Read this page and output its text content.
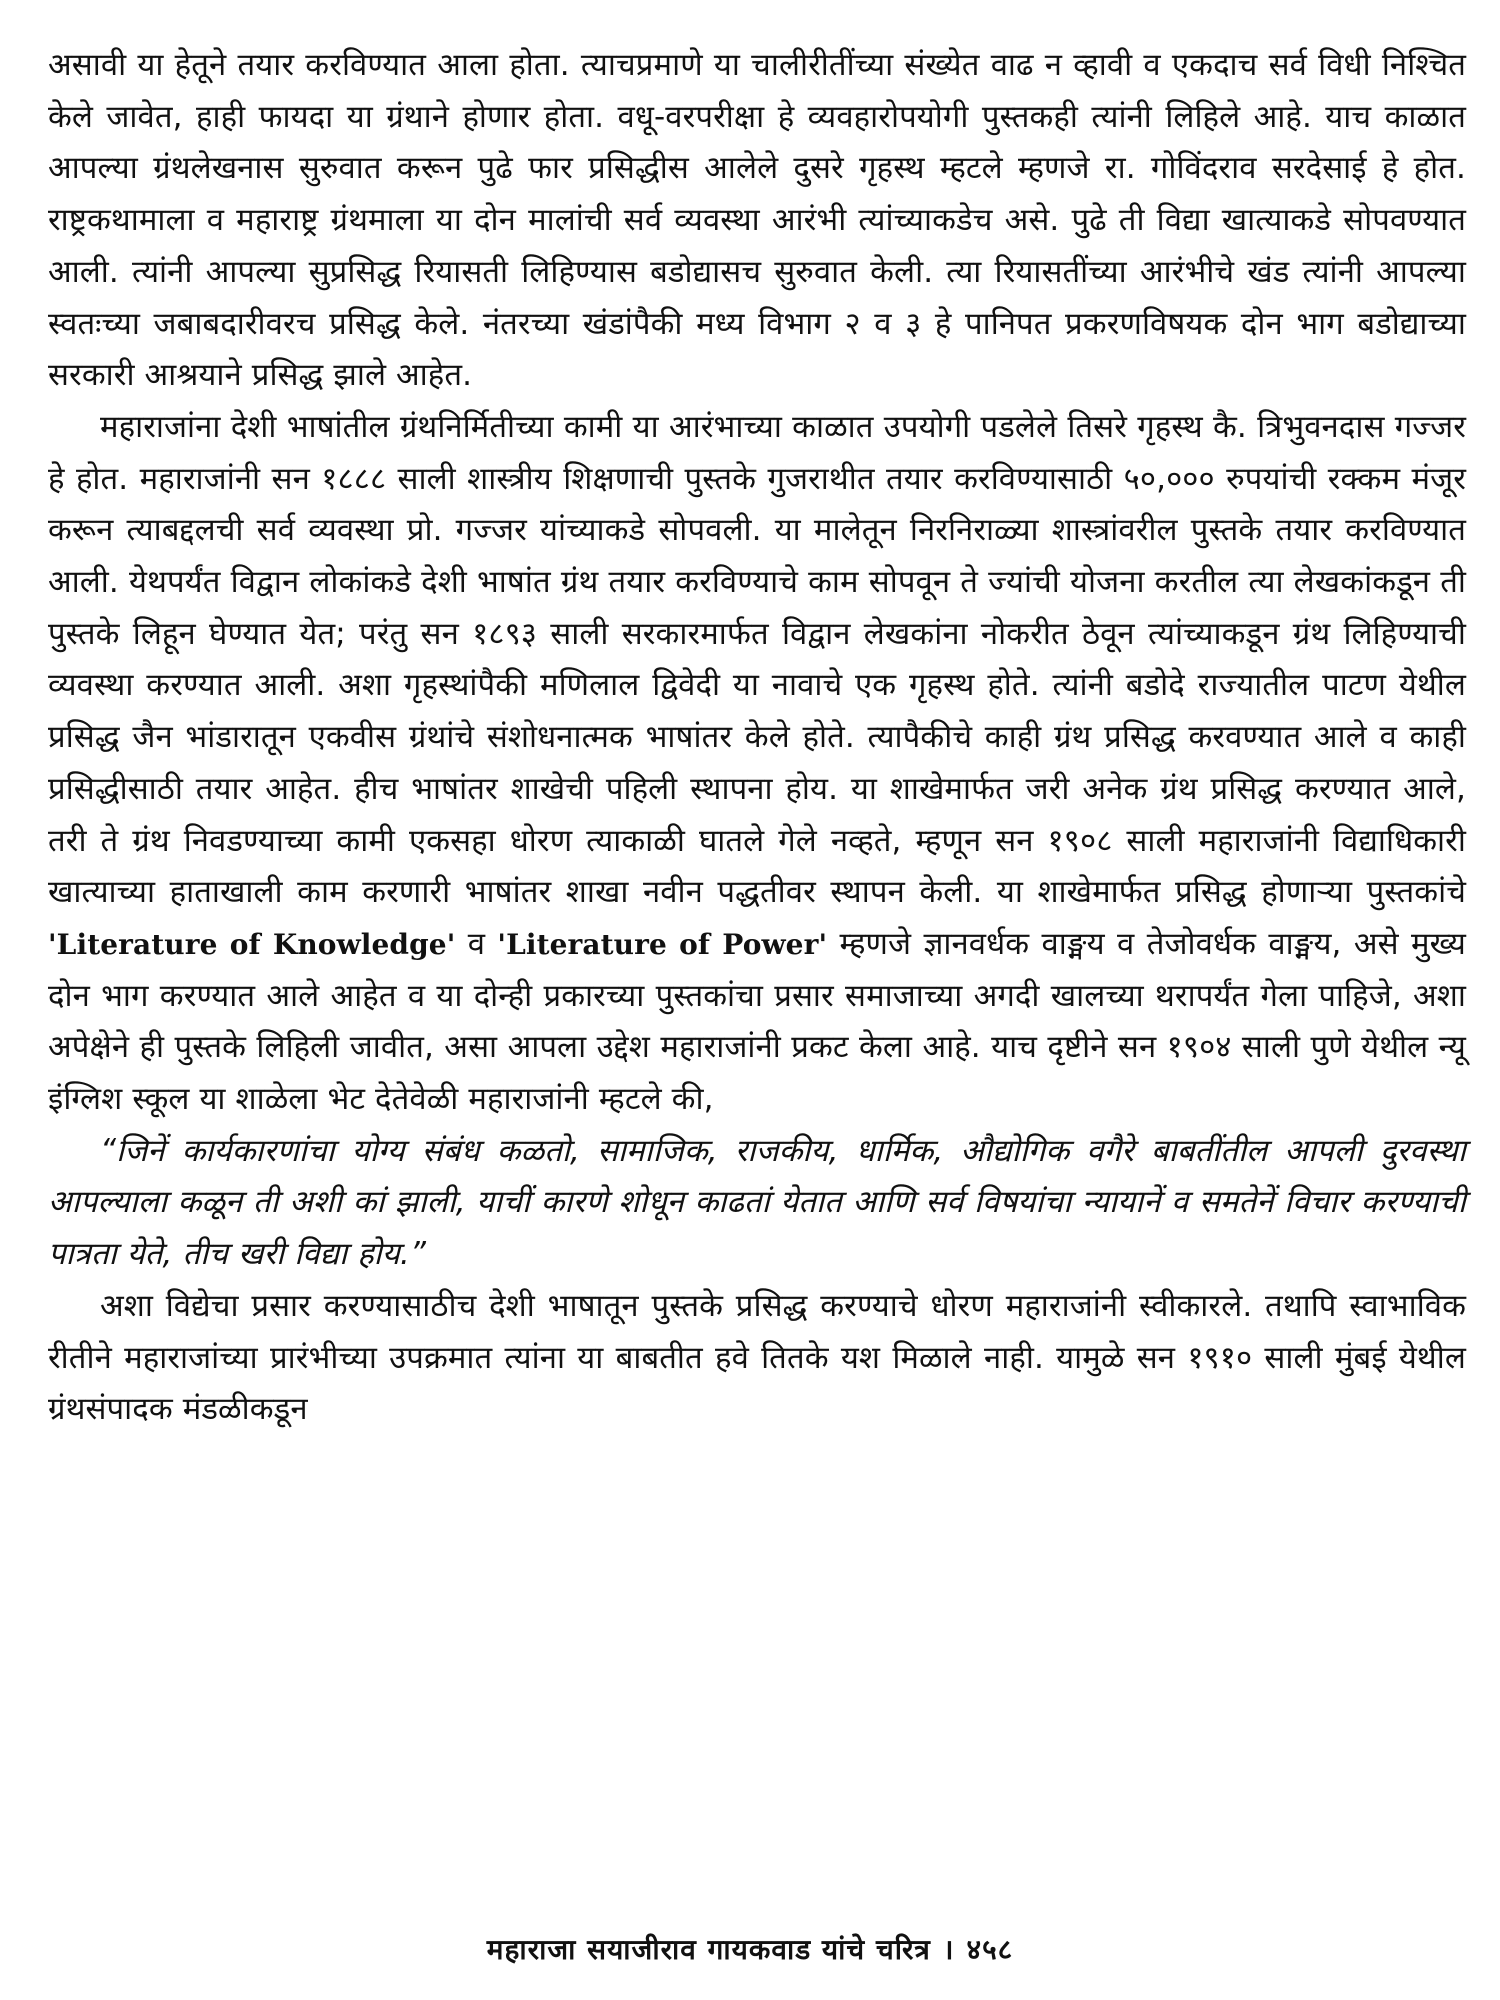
असावी या हेतूने तयार करविण्यात आला होता. त्याचप्रमाणे या चालीरीतींच्या संख्येत वाढ न व्हावी व एकदाच सर्व विधी निश्चित केले जावेत, हाही फायदा या ग्रंथाने होणार होता. वधू-वरपरीक्षा हे व्यवहारोपयोगी पुस्तकही त्यांनी लिहिले आहे. याच काळात आपल्या ग्रंथलेखनास सुरुवात करून पुढे फार प्रसिद्धीस आलेले दुसरे गृहस्थ म्हटले म्हणजे रा. गोविंदराव सरदेसाई हे होत. राष्ट्रकथामाला व महाराष्ट्र ग्रंथमाला या दोन मालांची सर्व व्यवस्था आरंभी त्यांच्याकडेच असे. पुढे ती विद्या खात्याकडे सोपवण्यात आली. त्यांनी आपल्या सुप्रसिद्ध रियासती लिहिण्यास बडोद्यासच सुरुवात केली. त्या रियासतींच्या आरंभीचे खंड त्यांनी आपल्या स्वतःच्या जबाबदारीवरच प्रसिद्ध केले. नंतरच्या खंडांपैकी मध्य विभाग २ व ३ हे पानिपत प्रकरणविषयक दोन भाग बडोद्याच्या सरकारी आश्रयाने प्रसिद्ध झाले आहेत.

महाराजांना देशी भाषांतील ग्रंथनिर्मितीच्या कामी या आरंभाच्या काळात उपयोगी पडलेले तिसरे गृहस्थ कै. त्रिभुवनदास गज्जर हे होत. महाराजांनी सन १८८८ साली शास्त्रीय शिक्षणाची पुस्तके गुजराथीत तयार करविण्यासाठी ५०,००० रुपयांची रक्कम मंजूर करून त्याबद्दलची सर्व व्यवस्था प्रो. गज्जर यांच्याकडे सोपवली. या मालेतून निरनिराळ्या शास्त्रांवरील पुस्तके तयार करविण्यात आली. येथपर्यंत विद्वान लोकांकडे देशी भाषांत ग्रंथ तयार करविण्याचे काम सोपवून ते ज्यांची योजना करतील त्या लेखकांकडून ती पुस्तके लिहून घेण्यात येत; परंतु सन १८९३ साली सरकारमार्फत विद्वान लेखकांना नोकरीत ठेवून त्यांच्याकडून ग्रंथ लिहिण्याची व्यवस्था करण्यात आली. अशा गृहस्थांपैकी मणिलाल द्विवेदी या नावाचे एक गृहस्थ होते. त्यांनी बडोदे राज्यातील पाटण येथील प्रसिद्ध जैन भांडारातून एकवीस ग्रंथांचे संशोधनात्मक भाषांतर केले होते. त्यापैकीचे काही ग्रंथ प्रसिद्ध करवण्यात आले व काही प्रसिद्धीसाठी तयार आहेत. हीच भाषांतर शाखेची पहिली स्थापना होय. या शाखेमार्फत जरी अनेक ग्रंथ प्रसिद्ध करण्यात आले, तरी ते ग्रंथ निवडण्याच्या कामी एकसहा धोरण त्याकाळी घातले गेले नव्हते, म्हणून सन १९०८ साली महाराजांनी विद्याधिकारी खात्याच्या हाताखाली काम करणारी भाषांतर शाखा नवीन पद्धतीवर स्थापन केली. या शाखेमार्फत प्रसिद्ध होणाऱ्या पुस्तकांचे 'Literature of Knowledge' व 'Literature of Power' म्हणजे ज्ञानवर्धक वाङ्मय व तेजोवर्धक वाङ्मय, असे मुख्य दोन भाग करण्यात आले आहेत व या दोन्ही प्रकारच्या पुस्तकांचा प्रसार समाजाच्या अगदी खालच्या थरापर्यंत गेला पाहिजे, अशा अपेक्षेने ही पुस्तके लिहिली जावीत, असा आपला उद्देश महाराजांनी प्रकट केला आहे. याच दृष्टीने सन १९०४ साली पुणे येथील न्यू इंग्लिश स्कूल या शाळेला भेट देतेवेळी महाराजांनी म्हटले की,

“जिनें कार्यकारणांचा योग्य संबंध कळतो, सामाजिक, राजकीय, धार्मिक, औद्योगिक वगैरे बाबतींतील आपली दुरवस्था आपल्याला कळून ती अशी कां झाली, याचीं कारणे शोधून काढतां येतात आणि सर्व विषयांचा न्यायानें व समतेनें विचार करण्याची पात्रता येते, तीच खरी विद्या होय.”

अशा विद्येचा प्रसार करण्यासाठीच देशी भाषातून पुस्तके प्रसिद्ध करण्याचे धोरण महाराजांनी स्वीकारले. तथापि स्वाभाविक रीतीने महाराजांच्या प्रारंभीच्या उपक्रमात त्यांना या बाबतीत हवे तितके यश मिळाले नाही. यामुळे सन १९१० साली मुंबई येथील ग्रंथसंपादक मंडळीकडून

महाराजा सयाजीराव गायकवाड यांचे चरित्र । ४५८
